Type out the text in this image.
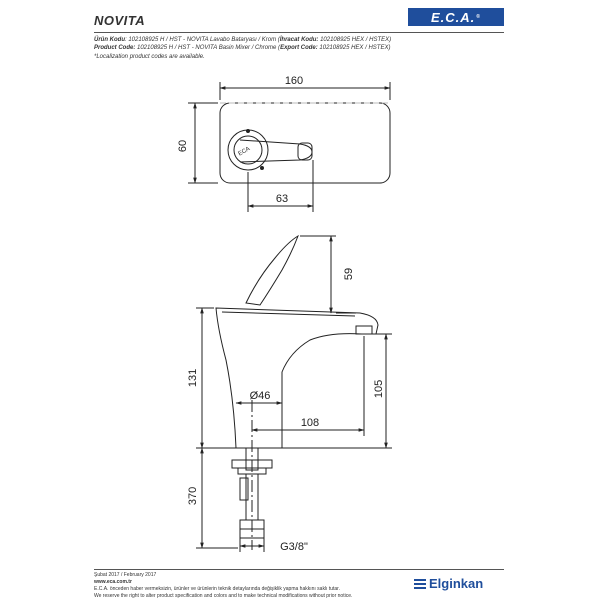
NOVITA	E.C.A. ®
Ürün Kodu: 102108925 H / HST - NOVITA Lavabo Bataryası / Krom (İhracat Kodu: 102108925 HEX / HSTEX)
Product Code: 102108925 H / HST - NOVITA Basin Mixer / Chrome (Export Code: 102108925 HEX / HSTEX)
*Localization product codes are available.
160
60
63
ECA
59
131
105
Ø46
108
370
G3/8"
Şubat 2017 / February 2017
www.eca.com.tr
E.C.A. önceden haber vermeksizin, ürünler ve ürünlerin teknik detaylarında değişiklik yapma hakkını saklı tutar.
We reserve the right to alter product specification and colors and to make technical modifications without prior notice.
Elginkan
